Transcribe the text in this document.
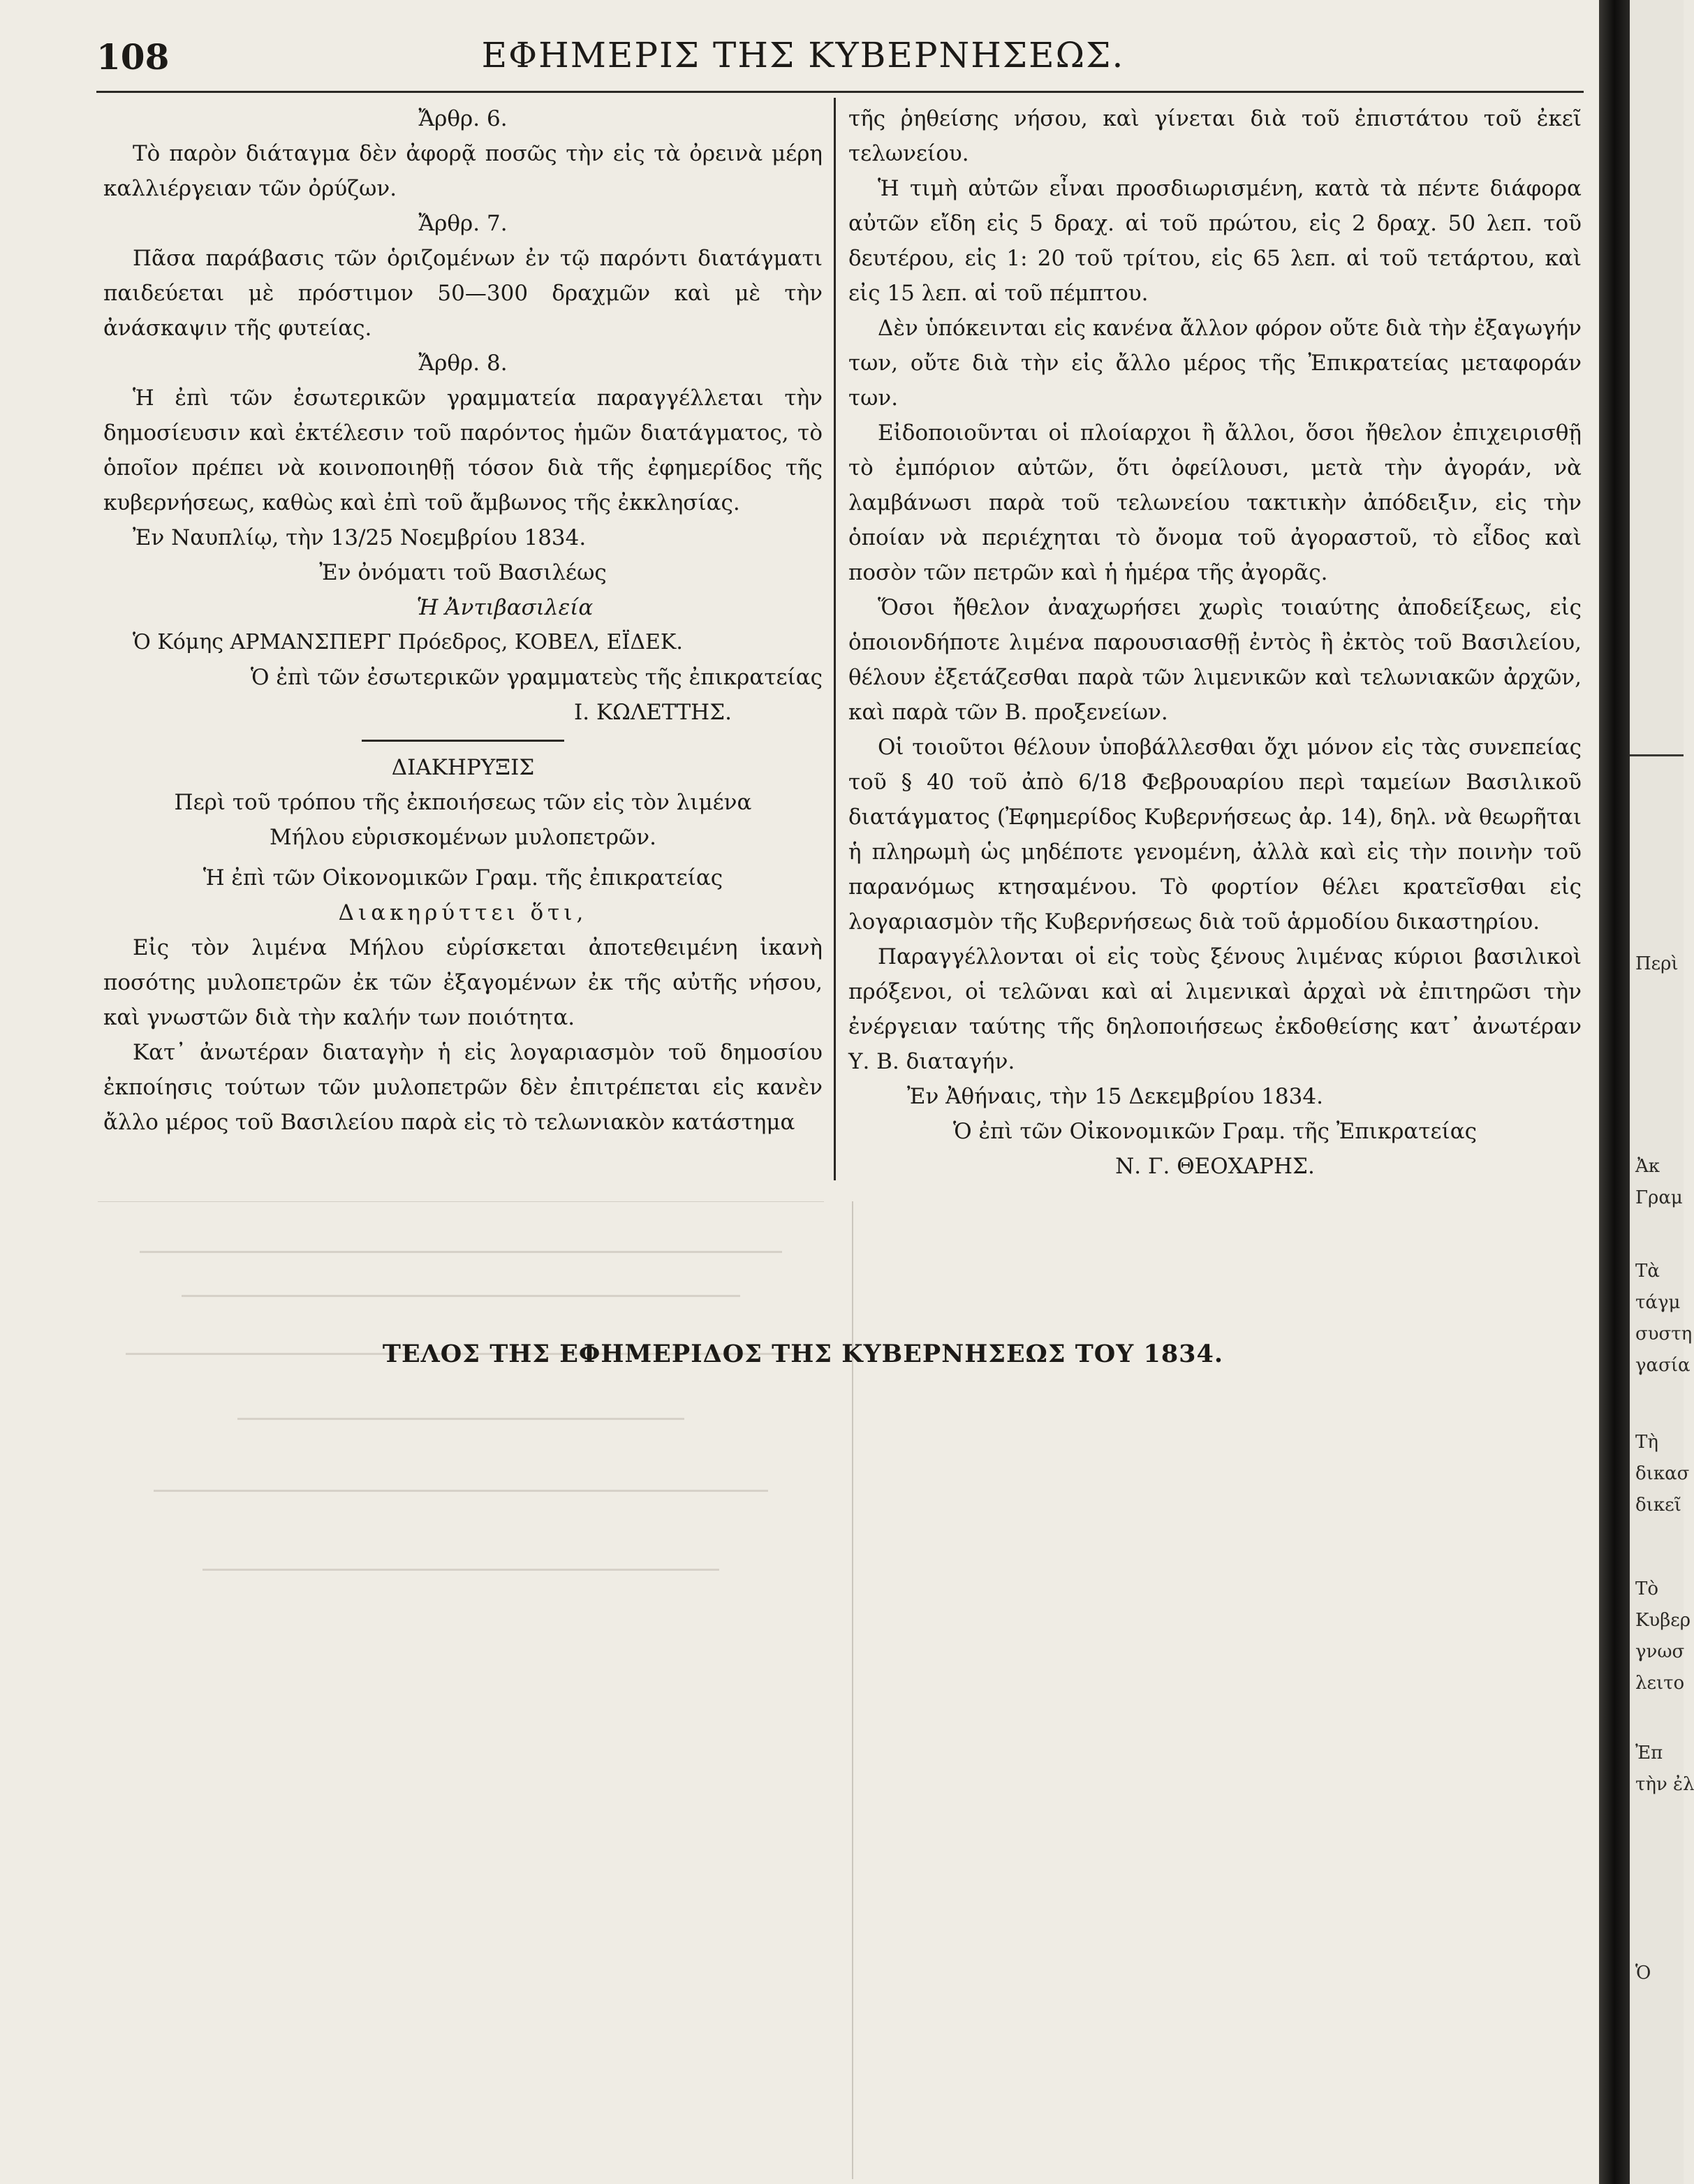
108	ΕΦΗΜΕΡΙΣ ΤΗΣ ΚΥΒΕΡΝΗΣΕΩΣ.

Ἄρθρ. 6.

Τὸ παρὸν διάταγμα δὲν ἀφορᾷ ποσῶς τὴν εἰς τὰ ὀρεινὰ μέρη καλλιέργειαν τῶν ὀρύζων.

Ἄρθρ. 7.

Πᾶσα παράβασις τῶν ὁριζομένων ἐν τῷ παρόντι διατάγματι παιδεύεται μὲ πρόστιμον 50—300 δραχμῶν καὶ μὲ τὴν ἀνάσκαψιν τῆς φυτείας.

Ἄρθρ. 8.

Ἡ ἐπὶ τῶν ἐσωτερικῶν γραμματεία παραγγέλλεται τὴν δημοσίευσιν καὶ ἐκτέλεσιν τοῦ παρόντος ἡμῶν διατάγματος, τὸ ὁποῖον πρέπει νὰ κοινοποιηθῇ τόσον διὰ τῆς ἐφημερίδος τῆς κυβερνήσεως, καθὼς καὶ ἐπὶ τοῦ ἄμβωνος τῆς ἐκκλησίας.

Ἐν Ναυπλίῳ, τὴν 13/25 Νοεμβρίου 1834.

Ἐν ὀνόματι τοῦ Βασιλέως

Ἡ Ἀντιβασιλεία

Ὁ Κόμης ΑΡΜΑΝΣΠΕΡΓ Πρόεδρος, ΚΟΒΕΛ, ΕΪΔΕΚ.

Ὁ ἐπὶ τῶν ἐσωτερικῶν γραμματεὺς τῆς ἐπικρατείας

Ι. ΚΩΛΕΤΤΗΣ.

ΔΙΑΚΗΡΥΞΙΣ

Περὶ τοῦ τρόπου τῆς ἐκποιήσεως τῶν εἰς τὸν λιμένα

Μήλου εὑρισκομένων μυλοπετρῶν.

Ἡ ἐπὶ τῶν Οἰκονομικῶν Γραμ. τῆς ἐπικρατείας

Διακηρύττει ὅτι,

Εἰς τὸν λιμένα Μήλου εὑρίσκεται ἀποτεθειμένη ἱκανὴ ποσότης μυλοπετρῶν ἐκ τῶν ἐξαγομένων ἐκ τῆς αὐτῆς νήσου, καὶ γνωστῶν διὰ τὴν καλήν των ποιότητα.

Κατ᾽ ἀνωτέραν διαταγὴν ἡ εἰς λογαριασμὸν τοῦ δημοσίου ἐκποίησις τούτων τῶν μυλοπετρῶν δὲν ἐπιτρέπεται εἰς κανὲν ἄλλο μέρος τοῦ Βασιλείου παρὰ εἰς τὸ τελωνιακὸν κατάστημα

τῆς ῥηθείσης νήσου, καὶ γίνεται διὰ τοῦ ἐπιστάτου τοῦ ἐκεῖ τελωνείου.

Ἡ τιμὴ αὐτῶν εἶναι προσδιωρισμένη, κατὰ τὰ πέντε διάφορα αὐτῶν εἴδη εἰς 5 δραχ. αἱ τοῦ πρώτου, εἰς 2 δραχ. 50 λεπ. τοῦ δευτέρου, εἰς 1: 20 τοῦ τρίτου, εἰς 65 λεπ. αἱ τοῦ τετάρτου, καὶ εἰς 15 λεπ. αἱ τοῦ πέμπτου.

Δὲν ὑπόκεινται εἰς κανένα ἄλλον φόρον οὔτε διὰ τὴν ἐξαγωγήν των, οὔτε διὰ τὴν εἰς ἄλλο μέρος τῆς Ἐπικρατείας μεταφοράν των.

Εἰδοποιοῦνται οἱ πλοίαρχοι ἢ ἄλλοι, ὅσοι ἤθελον ἐπιχειρισθῇ τὸ ἐμπόριον αὐτῶν, ὅτι ὀφείλουσι, μετὰ τὴν ἀγοράν, νὰ λαμβάνωσι παρὰ τοῦ τελωνείου τακτικὴν ἀπόδειξιν, εἰς τὴν ὁποίαν νὰ περιέχηται τὸ ὄνομα τοῦ ἀγοραστοῦ, τὸ εἶδος καὶ ποσὸν τῶν πετρῶν καὶ ἡ ἡμέρα τῆς ἀγορᾶς.

Ὅσοι ἤθελον ἀναχωρήσει χωρὶς τοιαύτης ἀποδείξεως, εἰς ὁποιονδήποτε λιμένα παρουσιασθῇ ἐντὸς ἢ ἐκτὸς τοῦ Βασιλείου, θέλουν ἐξετάζεσθαι παρὰ τῶν λιμενικῶν καὶ τελωνιακῶν ἀρχῶν, καὶ παρὰ τῶν Β. προξενείων.

Οἱ τοιοῦτοι θέλουν ὑποβάλλεσθαι ὄχι μόνον εἰς τὰς συνεπείας τοῦ § 40 τοῦ ἀπὸ 6/18 Φεβρουαρίου περὶ ταμείων Βασιλικοῦ διατάγματος (Ἐφημερίδος Κυβερνήσεως ἀρ. 14), δηλ. νὰ θεωρῆται ἡ πληρωμὴ ὡς μηδέποτε γενομένη, ἀλλὰ καὶ εἰς τὴν ποινὴν τοῦ παρανόμως κτησαμένου. Τὸ φορτίον θέλει κρατεῖσθαι εἰς λογαριασμὸν τῆς Κυβερνήσεως διὰ τοῦ ἁρμοδίου δικαστηρίου.

Παραγγέλλονται οἱ εἰς τοὺς ξένους λιμένας κύριοι βασιλικοὶ πρόξενοι, οἱ τελῶναι καὶ αἱ λιμενικαὶ ἀρχαὶ νὰ ἐπιτηρῶσι τὴν ἐνέργειαν ταύτης τῆς δηλοποιήσεως ἐκδοθείσης κατ᾽ ἀνωτέραν Υ. Β. διαταγήν.

Ἐν Ἀθήναις, τὴν 15 Δεκεμβρίου 1834.

Ὁ ἐπὶ τῶν Οἰκονομικῶν Γραμ. τῆς Ἐπικρατείας

Ν. Γ. ΘΕΟΧΑΡΗΣ.

ΤΕΛΟΣ ΤΗΣ ΕΦΗΜΕΡΙΔΟΣ ΤΗΣ ΚΥΒΕΡΝΗΣΕΩΣ ΤΟΥ 1834.
Περὶ
Ἀκ
Γραμ
Τὰ
τάγμ
συστη
γασία
Τὴ
δικασ
δικεῖ
Τὸ
Κυβερ
γνωσ
λειτο
Ἐπ
τὴν ἐλ
Ὁ
